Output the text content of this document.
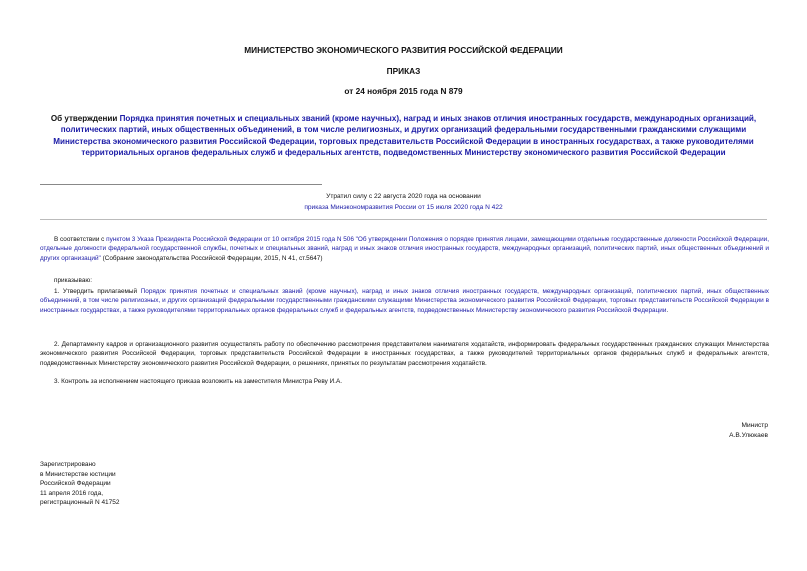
МИНИСТЕРСТВО ЭКОНОМИЧЕСКОГО РАЗВИТИЯ РОССИЙСКОЙ ФЕДЕРАЦИИ
ПРИКАЗ
от 24 ноября 2015 года N 879
Об утверждении Порядка принятия почетных и специальных званий (кроме научных), наград и иных знаков отличия иностранных государств, международных организаций, политических партий, иных общественных объединений, в том числе религиозных, и других организаций федеральными государственными гражданскими служащими Министерства экономического развития Российской Федерации, торговых представительств Российской Федерации в иностранных государствах, а также руководителями территориальных органов федеральных служб и федеральных агентств, подведомственных Министерству экономического развития Российской Федерации
Утратил силу с 22 августа 2020 года на основании
приказа Минэкономразвития России от 15 июля 2020 года N 422
В соответствии с пунктом 3 Указа Президента Российской Федерации от 10 октября 2015 года N 506 "Об утверждении Положения о порядке принятия лицами, замещающими отдельные государственные должности Российской Федерации, отдельные должности федеральной государственной службы, почетных и специальных званий, наград и иных знаков отличия иностранных государств, международных организаций, политических партий, иных общественных объединений и других организаций" (Собрание законодательства Российской Федерации, 2015, N 41, ст.5647)
приказываю:
1. Утвердить прилагаемый Порядок принятия почетных и специальных званий (кроме научных), наград и иных знаков отличия иностранных государств, международных организаций, политических партий, иных общественных объединений, в том числе религиозных, и других организаций федеральными государственными гражданскими служащими Министерства экономического развития Российской Федерации, торговых представительств Российской Федерации в иностранных государствах, а также руководителями территориальных органов федеральных служб и федеральных агентств, подведомственных Министерству экономического развития Российской Федерации.
2. Департаменту кадров и организационного развития осуществлять работу по обеспечению рассмотрения представителем нанимателя ходатайств, информировать федеральных государственных гражданских служащих Министерства экономического развития Российской Федерации, торговых представительств Российской Федерации в иностранных государствах, а также руководителей территориальных органов федеральных служб и федеральных агентств, подведомственных Министерству экономического развития Российской Федерации, о решениях, принятых по результатам рассмотрения ходатайств.
3. Контроль за исполнением настоящего приказа возложить на заместителя Министра Реву И.А.
Министр
А.В.Улюкаев
Зарегистрировано
в Министерстве юстиции
Российской Федерации
11 апреля 2016 года,
регистрационный N 41752
